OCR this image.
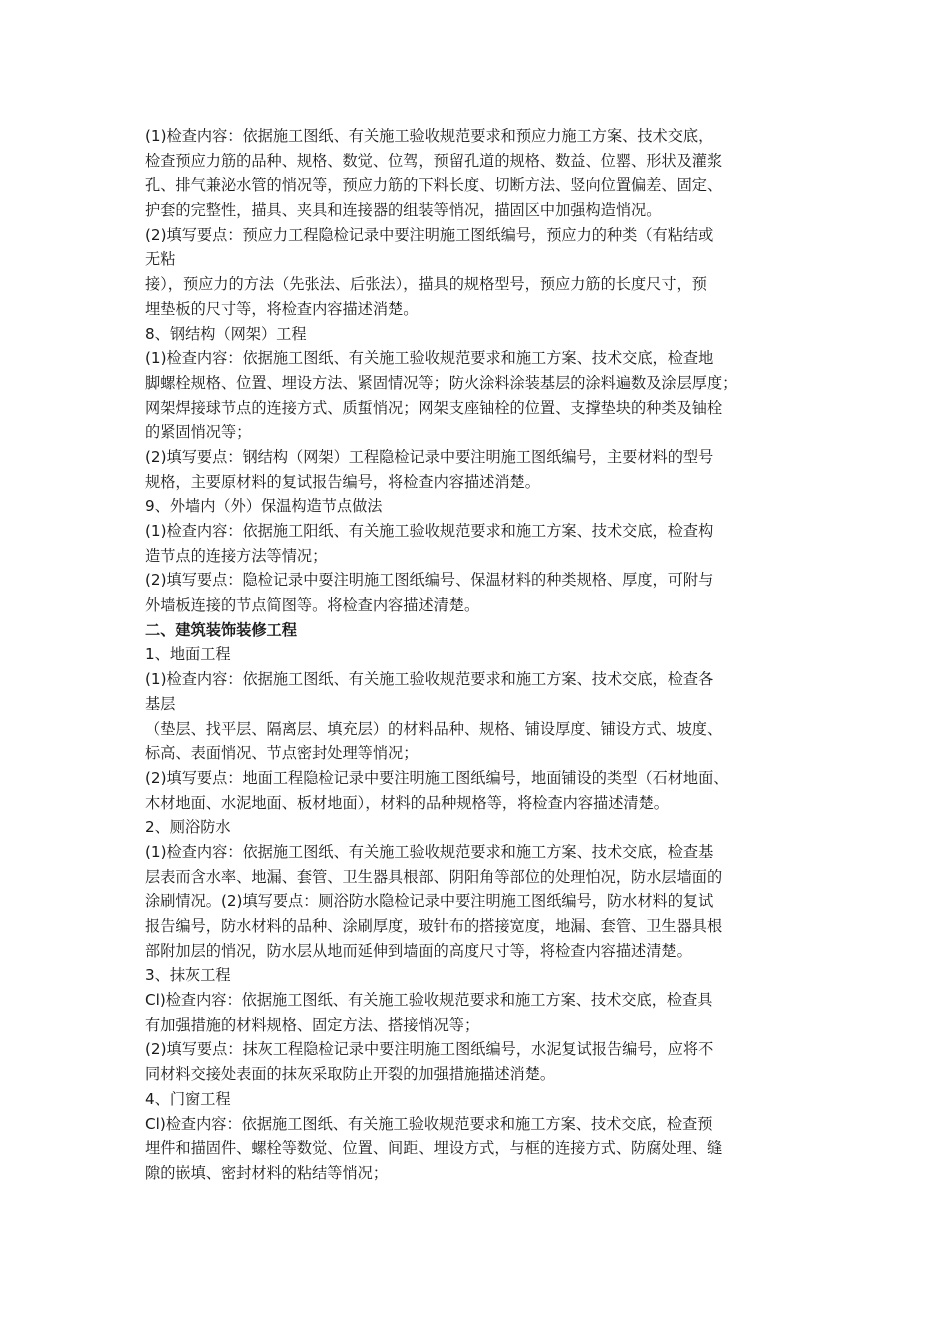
(1)检查内容：依据施工图纸、有关施工验收规范要求和预应力施工方案、技术交底，
检查预应力筋的品种、规格、数觉、位驾，预留孔道的规格、数益、位罂、形状及灌浆
孔、排气兼泌水管的悄况等，预应力筋的下料长度、切断方法、竖向位置偏差、固定、
护套的完整性，描具、夹具和连接器的组装等悄况，描固区中加强构造悄况。
(2)填写要点：预应力工程隐检记录中要注明施工图纸编号，预应力的种类（有粘结或
无粘
接），预应力的方法（先张法、后张法），描具的规格型号，预应力筋的长度尺寸，预
埋垫板的尺寸等，将检查内容描述消楚。
8、钢结构（网架）工程
(1)检查内容：依据施工图纸、有关施工验收规范要求和施工方案、技术交底，检查地
脚螺栓规格、位置、埋设方法、紧固情况等；防火涂料涂装基层的涂料遍数及涂层厚度；
网架焊接球节点的连接方式、质蜇悄况；网架支座铀栓的位置、支撑垫块的种类及铀栓
的紧固悄况等；
(2)填写要点：钢结构（网架）工程隐检记录中要注明施工图纸编号，主要材料的型号
规格，主要原材料的复试报告编号，将检查内容描述消楚。
9、外墙内（外）保温构造节点做法
(1)检查内容：依据施工阳纸、有关施工验收规范要求和施工方案、技术交底，检查构
造节点的连接方法等情况；
(2)填写要点：隐检记录中耍注明施工图纸编号、保温材料的种类规格、厚度，可附与
外墙板连接的节点简图等。将检查内容描述清楚。
二、建筑装饰装修工程
1、地面工程
(1)检查内容：依据施工图纸、有关施工验收规范要求和施工方案、技术交底，检查各
基层
（垫层、找平层、隔离层、填充层）的材料品种、规格、铺设厚度、铺设方式、坡度、
标高、表面悄况、节点密封处理等悄况；
(2)填写要点：地面工程隐检记录中要注明施工图纸编号，地面铺设的类型（石材地面、
木材地面、水泥地面、板材地面），材料的品种规格等，将检查内容描述清楚。
2、厕浴防水
(1)检查内容：依据施工图纸、有关施工验收规范要求和施工方案、技术交底，检查基
层表而含水率、地漏、套管、卫生器具根部、阴阳角等部位的处理怕况，防水层墙面的
涂刷情况。(2)填写要点：厕浴防水隐检记录中要注明施工图纸编号，防水材料的复试
报告编号，防水材料的品种、涂刷厚度，玻针布的搭接宽度，地漏、套管、卫生器具根
部附加层的悄况，防水层从地而延伸到墙面的高度尺寸等，将检查内容描述清楚。
3、抹灰工程
Cl)检查内容：依据施工图纸、有关施工验收规范要求和施工方案、技术交底，检查具
有加强措施的材料规格、固定方法、搭接悄况等；
(2)填写要点：抹灰工程隐检记录中要注明施工图纸编号，水泥复试报告编号，应将不
同材料交接处表面的抹灰采取防止开裂的加强措施描述消楚。
4、门窗工程
Cl)检查内容：依据施工图纸、有关施工验收规范要求和施工方案、技术交底，检查预
埋件和描固件、螺栓等数觉、位置、间距、埋设方式，与框的连接方式、防腐处理、缝
隙的嵌填、密封材料的粘结等悄况；
